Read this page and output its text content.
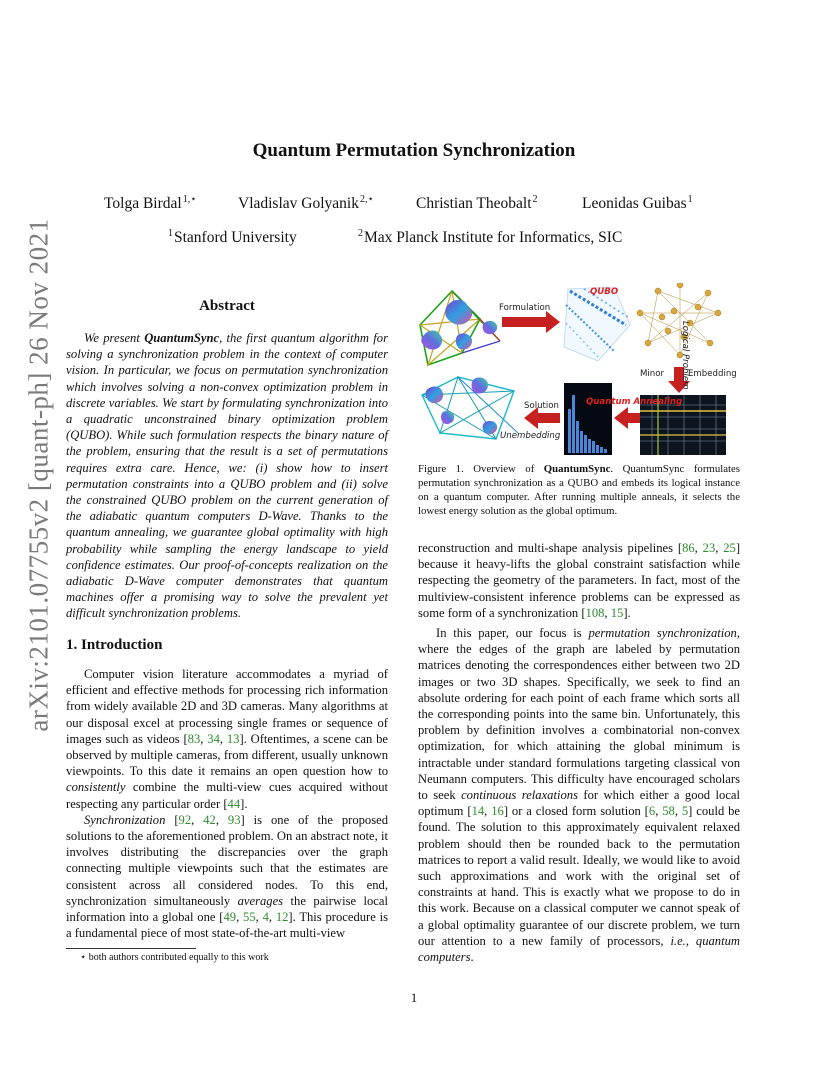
arXiv:2101.07755v2 [quant-ph] 26 Nov 2021
Quantum Permutation Synchronization
Tolga Birdal$^{1,⋆}$	Vladislav Golyanik$^{2,⋆}$	Christian Theobalt$^2$	Leonidas Guibas$^1$
$^1$Stanford University	$^2$Max Planck Institute for Informatics, SIC
Abstract

We present QuantumSync, the first quantum algorithm for solving a synchronization problem in the context of computer vision. In particular, we focus on permutation synchronization which involves solving a non-convex optimization problem in discrete variables. We start by formulating synchronization into a quadratic unconstrained binary optimization problem (QUBO). While such formulation respects the binary nature of the problem, ensuring that the result is a set of permutations requires extra care. Hence, we: (i) show how to insert permutation constraints into a QUBO problem and (ii) solve the constrained QUBO problem on the current generation of the adiabatic quantum computers D-Wave. Thanks to the quantum annealing, we guarantee global optimality with high probability while sampling the energy landscape to yield confidence estimates. Our proof-of-concepts realization on the adiabatic D-Wave computer demonstrates that quantum machines offer a promising way to solve the prevalent yet difficult synchronization problems.

1. Introduction

Computer vision literature accommodates a myriad of efficient and effective methods for processing rich information from widely available 2D and 3D cameras. Many algorithms at our disposal excel at processing single frames or sequence of images such as videos [83, 34, 13]. Oftentimes, a scene can be observed by multiple cameras, from different, usually unknown viewpoints. To this date it remains an open question how to consistently combine the multi-view cues acquired without respecting any particular order [44].

Synchronization [92, 42, 93] is one of the proposed solutions to the aforementioned problem. On an abstract note, it involves distributing the discrepancies over the graph connecting multiple viewpoints such that the estimates are consistent across all considered nodes. To this end, synchronization simultaneously averages the pairwise local information into a global one [49, 55, 4, 12]. This procedure is a fundamental piece of most state-of-the-art multi-view

⋆ both authors contributed equally to this work
Formulation
QUBO
Logical Problem
Minor	Embedding
Quantum Annealing
Solution
Unembedding
Figure 1. Overview of QuantumSync. QuantumSync formulates permutation synchronization as a QUBO and embeds its logical instance on a quantum computer. After running multiple anneals, it selects the lowest energy solution as the global optimum.

reconstruction and multi-shape analysis pipelines [86, 23, 25] because it heavy-lifts the global constraint satisfaction while respecting the geometry of the parameters. In fact, most of the multiview-consistent inference problems can be expressed as some form of a synchronization [108, 15].

In this paper, our focus is permutation synchronization, where the edges of the graph are labeled by permutation matrices denoting the correspondences either between two 2D images or two 3D shapes. Specifically, we seek to find an absolute ordering for each point of each frame which sorts all the corresponding points into the same bin. Unfortunately, this problem by definition involves a combinatorial non-convex optimization, for which attaining the global minimum is intractable under standard formulations targeting classical von Neumann computers. This difficulty have encouraged scholars to seek continuous relaxations for which either a good local optimum [14, 16] or a closed form solution [6, 58, 5] could be found. The solution to this approximately equivalent relaxed problem should then be rounded back to the permutation matrices to report a valid result. Ideally, we would like to avoid such approximations and work with the original set of constraints at hand. This is exactly what we propose to do in this work. Because on a classical computer we cannot speak of a global optimality guarantee of our discrete problem, we turn our attention to a new family of processors, i.e., quantum computers.

1
